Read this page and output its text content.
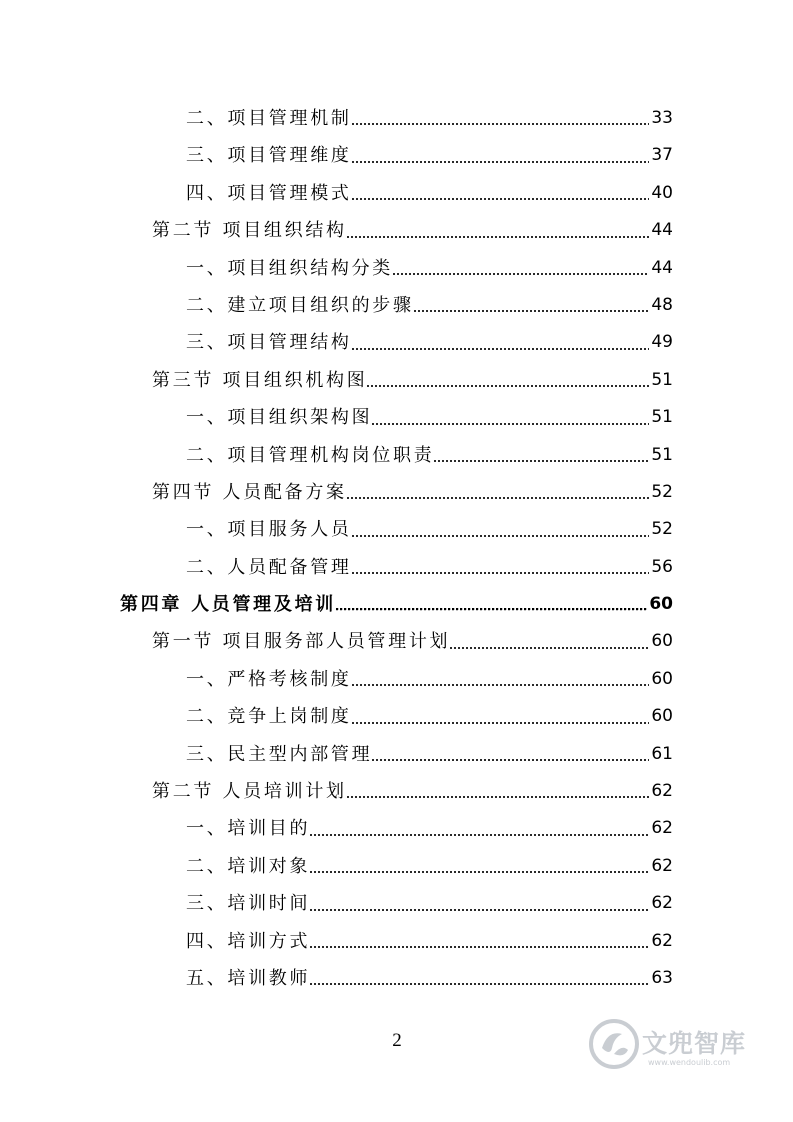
二、项目管理机制	33
三、项目管理维度	37
四、项目管理模式	40
第二节 项目组织结构	44
一、项目组织结构分类	44
二、建立项目组织的步骤	48
三、项目管理结构	49
第三节 项目组织机构图	51
一、项目组织架构图	51
二、项目管理机构岗位职责	51
第四节 人员配备方案	52
一、项目服务人员	52
二、人员配备管理	56
第四章 人员管理及培训	60
第一节 项目服务部人员管理计划	60
一、严格考核制度	60
二、竞争上岗制度	60
三、民主型内部管理	61
第二节 人员培训计划	62
一、培训目的	62
二、培训对象	62
三、培训时间	62
四、培训方式	62
五、培训教师	63
2	文兜智库
www.wendoulib.com
